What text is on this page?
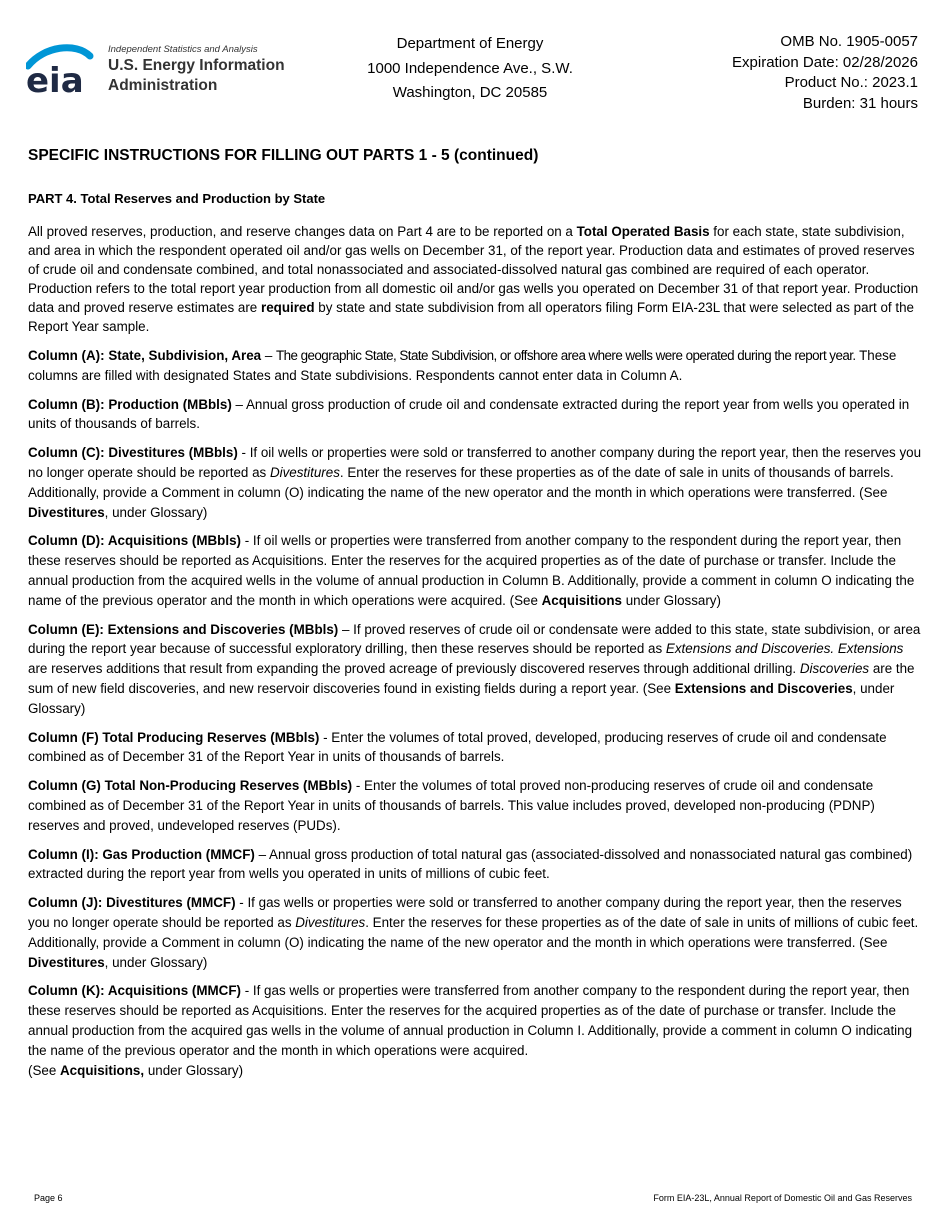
eia
Independent Statistics and Analysis
U.S. Energy Information
Administration
Department of Energy
1000 Independence Ave., S.W.
Washington, DC 20585
OMB No. 1905-0057
Expiration Date: 02/28/2026
Product No.: 2023.1
Burden: 31 hours
SPECIFIC INSTRUCTIONS FOR FILLING OUT PARTS 1 - 5 (continued)
PART 4. Total Reserves and Production by State

All proved reserves, production, and reserve changes data on Part 4 are to be reported on a Total Operated Basis for each state, state subdivision, and area in which the respondent operated oil and/or gas wells on December 31, of the report year. Production data and estimates of proved reserves of crude oil and condensate combined, and total nonassociated and associated-dissolved natural gas combined are required of each operator. Production refers to the total report year production from all domestic oil and/or gas wells you operated on December 31 of that report year. Production data and proved reserve estimates are required by state and state subdivision from all operators filing Form EIA-23L that were selected as part of the Report Year sample.

Column (A): State, Subdivision, Area – The geographic State, State Subdivision, or offshore area where wells were operated during the report year. These columns are filled with designated States and State subdivisions. Respondents cannot enter data in Column A.

Column (B): Production (MBbls) – Annual gross production of crude oil and condensate extracted during the report year from wells you operated in units of thousands of barrels.

Column (C): Divestitures (MBbls) - If oil wells or properties were sold or transferred to another company during the report year, then the reserves you no longer operate should be reported as Divestitures. Enter the reserves for these properties as of the date of sale in units of thousands of barrels. Additionally, provide a Comment in column (O) indicating the name of the new operator and the month in which operations were transferred. (See Divestitures, under Glossary)

Column (D): Acquisitions (MBbls) - If oil wells or properties were transferred from another company to the respondent during the report year, then these reserves should be reported as Acquisitions. Enter the reserves for the acquired properties as of the date of purchase or transfer. Include the annual production from the acquired wells in the volume of annual production in Column B. Additionally, provide a comment in column O indicating the name of the previous operator and the month in which operations were acquired. (See Acquisitions under Glossary)

Column (E): Extensions and Discoveries (MBbls) – If proved reserves of crude oil or condensate were added to this state, state subdivision, or area during the report year because of successful exploratory drilling, then these reserves should be reported as Extensions and Discoveries. Extensions are reserves additions that result from expanding the proved acreage of previously discovered reserves through additional drilling. Discoveries are the sum of new field discoveries, and new reservoir discoveries found in existing fields during a report year. (See Extensions and Discoveries, under Glossary)

Column (F) Total Producing Reserves (MBbls) - Enter the volumes of total proved, developed, producing reserves of crude oil and condensate combined as of December 31 of the Report Year in units of thousands of barrels.

Column (G) Total Non-Producing Reserves (MBbls) - Enter the volumes of total proved non-producing reserves of crude oil and condensate combined as of December 31 of the Report Year in units of thousands of barrels. This value includes proved, developed non-producing (PDNP) reserves and proved, undeveloped reserves (PUDs).

Column (I): Gas Production (MMCF) – Annual gross production of total natural gas (associated-dissolved and nonassociated natural gas combined) extracted during the report year from wells you operated in units of millions of cubic feet.

Column (J): Divestitures (MMCF) - If gas wells or properties were sold or transferred to another company during the report year, then the reserves you no longer operate should be reported as Divestitures. Enter the reserves for these properties as of the date of sale in units of millions of cubic feet. Additionally, provide a Comment in column (O) indicating the name of the new operator and the month in which operations were transferred. (See Divestitures, under Glossary)

Column (K): Acquisitions (MMCF) - If gas wells or properties were transferred from another company to the respondent during the report year, then these reserves should be reported as Acquisitions. Enter the reserves for the acquired properties as of the date of purchase or transfer. Include the annual production from the acquired gas wells in the volume of annual production in Column I. Additionally, provide a comment in column O indicating the name of the previous operator and the month in which operations were acquired.
(See Acquisitions, under Glossary)

Page 6	Form EIA-23L, Annual Report of Domestic Oil and Gas Reserves
